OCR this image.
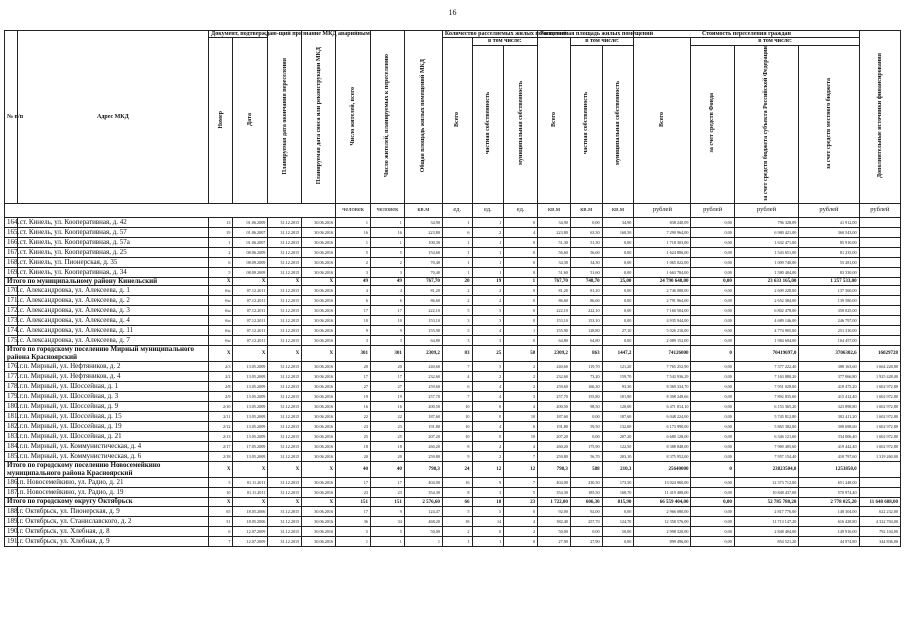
16
№ п/п	Адрес МКД	Документ, подтверждаю-щий признание МКД аварийным		Планируемая дата окончания переселения	Планируемая дата сноса или реконструкции МКД	Число жителей, всего	Число жителей, планируемых к переселению	Общая площадь жилых помещений МКД	Количество расселяемых жилых помещений			Расселяемая площадь жилых помещений			Стоимость переселения граждан				Дополнительные источники финансирования
		Номер	Дата						Всего	в том числе:		Всего	в том числе:		Всего	в том числе:			
										частная собственность	муниципальная собственность		частная собственность	муниципальная собственность		за счет средств Фонда	за счет средств бюджета субъекта Российской Федерации	за счет средств местного бюджета	
						человек	человек	кв.м	ед.	ед.	ед.	кв.м	кв.м	кв.м	рублей	рублей	рублей	рублей	рублей
164.	ст. Кинель, ул. Кооперативная, д. 42	13	01.06.2009	31.12.2015	30.06.2016	1	1	34,90	1	1	0	34,90	0,00	34,90	838 240,09	0,00	796 328,09	41 912,00	
165.	ст. Кинель, ул. Кооперативная, д. 57	19	01.06.2007	31.12.2015	30.06.2016	16	16	223,80	6	2	4	223,80	63,30	160,50	7 290 964,00	0,00	6 980 421,00	360 543,00	
166.	ст. Кинель, ул. Кооперативная, д. 57а	1	01.06.2007	31.12.2015	30.06.2016	1	1	100,30	1	1	0	51,30	51,30	0,00	1 718 303,00	0,00	1 632 471,00	85 910,00	
167.	ст. Кинель, ул. Кооперативная, д. 25	2	08.06.2009	31.12.2015	30.06.2016	5	5	154,60	1	1	0	56,60	56,60	0,00	1 624 886,00	0,00	1 543 651,00	81 235,00	
168.	ст. Кинель, ул. Пионерская, д. 35	6	08.09.2009	31.12.2015	30.06.2016	2	2	70,40	1	1	0	34,30	34,30	0,00	1 065 022,00	0,00	1 009 740,00	55 281,00	
169.	ст. Кинель, ул. Кооперативная, д. 34	5	08.09.2009	31.12.2015	30.06.2016	3	3	70,40	1	1	0	51,60	51,60	0,00	1 663 784,00	0,00	1 580 404,00	83 330,00	
Итого по муниципальному району Кинельский		X	X	X	X	49	49	767,70	20	19	1	767,70	748,70	25,00	24 790 648,00	0,00	23 633 165,00	1 257 533,00	
170.	с. Александровка, ул. Алексеева, д. 1	б/н	07.12.2011	31.12.2015	30.06.2016	4	4	81,20	2	2	0	81,20	81,20	0,00	2 746 088,00	0,00	2 609 228,00	137 360,00	
171.	с. Александровка, ул. Алексеева, д. 2	б/н	07.12.2011	31.12.2015	30.06.2016	6	6	86,60	2	2	0	86,60	86,60	0,00	2 791 964,00	0,00	2 652 384,00	139 580,00	
172.	с. Александровка, ул. Алексеева, д. 3	б/н	07.12.2011	31.12.2015	30.06.2016	17	17	222,10	5	5	0	222,10	222,10	0,00	7 160 504,00	0,00	6 802 478,00	358 025,00	
173.	с. Александровка, ул. Алексеева, д. 4	б/н	07.12.2011	31.12.2015	30.06.2016	10	10	153,10	3	3	0	153,10	153,10	0,00	4 935 944,00	0,00	4 689 146,00	246 797,00	
174.	с. Александровка, ул. Алексеева, д. 11	б/н	07.12.2011	31.12.2015	30.06.2016	9	9	155,90	5	4	1	155,90	128,80	27,10	5 026 216,00	0,00	4 774 905,00	251 310,00	
175.	с. Александровка, ул. Алексеева, д. 7	б/н	07.12.2011	31.12.2015	30.06.2016	3	3	64,80	3	3	0	64,80	64,80	0,00	2 089 152,00	0,00	1 984 694,00	104 457,00	
Итого по городскому поселению Мирный муниципального района Красноярский		X	X	X	X	301	301	2309,2	83	25	58	2309,2	863	1447,2	74126000	0	70419697,0	3706302,6	16029728
176.	г.п. Мирный, ул. Нефтяников, д. 2	2/3	13.05.2009	31.12.2015	30.06.2016	20	20	240,60	7	5	2	240,60	119,70	121,20	7 765 252,90	0,00	7 377 222,40	388 163,60	1 664 228,80
177.	г.п. Мирный, ул. Нефтяников, д. 4	2/2	13.05.2009	31.12.2015	30.06.2016	17	17	232,60	4	2	2	232,60	73,20	159,70	7 543 936,29	0,00	7 163 880,20	377 066,80	1 925 428,00
178.	г.п. Мирный, ул. Шоссейная, д. 1	2/8	13.05.2009	31.12.2015	30.06.2016	27	27	259,60	6	4	2	259,60	166,30	93,30	8 369 334,70	0,00	7 951 028,00	418 475,20	1 602 972,80
179.	г.п. Мирный, ул. Шоссейная, д. 3	2/9	13.05.2009	31.12.2015	30.06.2016	19	19	257,70	7	4	3	257,70	155,80	101,90	8 308 249,66	0,00	7 892 835,60	415 412,40	1 602 972,80
180.	г.п. Мирный, ул. Шоссейная, д. 9	2/10	13.05.2009	31.12.2015	30.06.2016	16	16	200,50	10	6	4	200,50	98,50	120,00	6 471 814,10	0,00	6 153 365,20	323 898,80	1 602 972,80
181.	г.п. Мирный, ул. Шоссейная, д. 15	2/11	13.05.2009	31.12.2015	30.06.2016	22	22	187,60	10	0	10	187,60	0,00	187,60	6 048 224,00	0,00	5 745 812,80	302 411,20	1 602 972,80
182.	г.п. Мирный, ул. Шоссейная, д. 19	2/12	13.05.2009	31.12.2015	30.06.2016	23	23	191,80	10	4	6	191,80	59,50	132,00	6 173 990,00	0,00	5 865 382,00	308 698,60	1 602 972,80
183.	г.п. Мирный, ул. Шоссейная, д. 21	2/13	13.05.2009	31.12.2015	30.06.2016	25	25	207,20	10	0	10	207,20	0,00	207,20	6 680 128,00	0,00	6 346 121,60	334 006,40	1 602 972,80
184.	г.п. Мирный, ул. Коммунистическая, д. 4	2/17	17.05.2009	31.12.2015	30.06.2016	18	18	260,20	8	4	4	260,20	175,90	122,50	8 388 848,00	0,00	7 969 405,60	419 442,40	1 602 972,80
185.	г.п. Мирный, ул. Коммунистическая, д. 6	2/18	13.05.2009	31.12.2015	30.06.2016	20	20	259,80	9	2	7	259,80	56,70	203,10	8 375 952,00	0,00	7 957 154,40	418 797,60	1 319 260,00
Итого по городскому поселению Новосемейкино муниципального района Красноярский		X	X	X	X	40	40	798,3	24	12	12	798,3	588	210,3	25640000	0	23823504,8	1253850,0	
186.	п. Новосемейкино, ул. Радио, д. 21	5	01.11.2011	31.12.2015	30.06.2016	17	17	404,00	16	9	7	404,00	230,50	173,50	13 024 960,00	0,00	12 373 712,00	651 248,00	
187.	п. Новосемейкино, ул. Радио, д. 19	10	01.11.2011	31.12.2015	30.06.2016	23	23	354,30	8	3	5	354,30	185,50	168,70	11 419 488,00	0,00	10 848 437,68	570 974,40	
Итого по городскому округу Октябрьск		X	X	X	X	151	151	2 576,60	66	18	23	1 722,00	606,30	815,90	66 559 404,00	0,00	52 785 780,20	2 778 025,20	11 648 688,00
188.	г. Октябрьск, ул. Пионерская, д. 9	65	18.05.2006	31.12.2015	30.06.2016	17	9	124,47	5	5	0	92,00	92,00	0,00	2 966 080,00	0,00	2 817 776,00	148 304,00	622 232,00
189.	г. Октябрьск, ул. Станиславского, д. 2	31	18.05.2006	31.12.2015	30.06.2016	36	34	468,20	18	14	4	382,40	257,70	124,70	12 358 576,00	0,00	11 713 147,20	616 428,80	4 322 704,00
190.	г. Октябрьск, ул. Хлебная, д. 8	6	12.07.2009	31.12.2015	30.06.2016	5	5	50,00	2	0	2	50,00	0,00	50,00	2 998 320,00	0,00	2 848 404,00	149 916,00	792 104,00
191.	г. Октябрьск, ул. Хлебная, д. 9	7	12.07.2009	31.12.2015	30.06.2016	1	1	1	1	1	0	27,90	27,90	0,00	899 496,00	0,00	854 521,20	44 974,80	344 836,00
